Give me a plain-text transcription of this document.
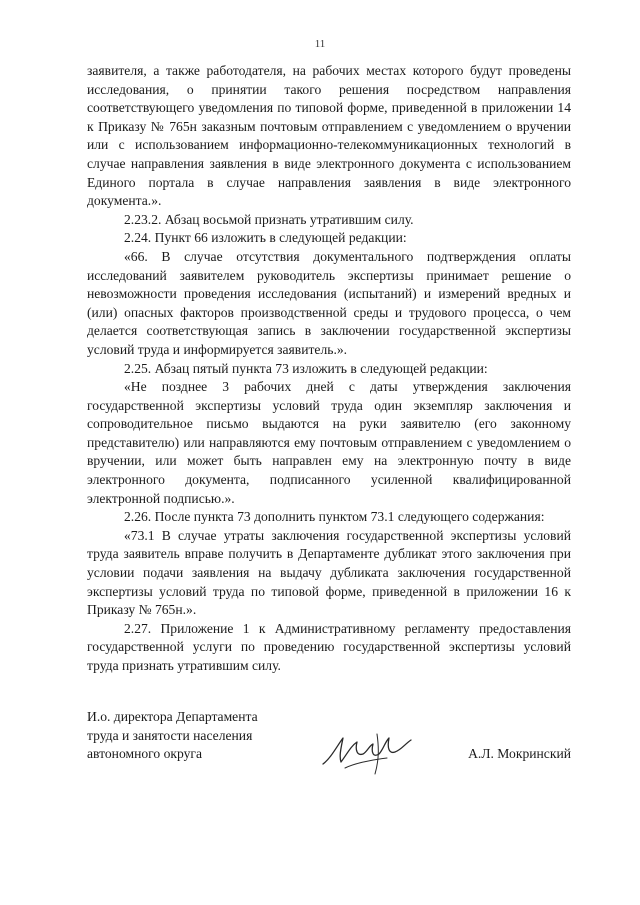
11

заявителя, а также работодателя, на рабочих местах которого будут проведены исследования, о принятии такого решения посредством направления соответствующего уведомления по типовой форме, приведенной в приложении 14 к Приказу № 765н заказным почтовым отправлением с уведомлением о вручении или с использованием информационно-телекоммуникационных технологий в случае направления заявления в виде электронного документа с использованием Единого портала в случае направления заявления в виде электронного документа.».

2.23.2. Абзац восьмой признать утратившим силу.

2.24. Пункт 66 изложить в следующей редакции:

«66. В случае отсутствия документального подтверждения оплаты исследований заявителем руководитель экспертизы принимает решение о невозможности проведения исследования (испытаний) и измерений вредных и (или) опасных факторов производственной среды и трудового процесса, о чем делается соответствующая запись в заключении государственной экспертизы условий труда и информируется заявитель.».

2.25. Абзац пятый пункта 73 изложить в следующей редакции:

«Не позднее 3 рабочих дней с даты утверждения заключения государственной экспертизы условий труда один экземпляр заключения и сопроводительное письмо выдаются на руки заявителю (его законному представителю) или направляются ему почтовым отправлением с уведомлением о вручении, или может быть направлен ему на электронную почту в виде электронного документа, подписанного усиленной квалифицированной электронной подписью.».

2.26. После пункта 73 дополнить пунктом 73.1 следующего содержания:

«73.1 В случае утраты заключения государственной экспертизы условий труда заявитель вправе получить в Департаменте дубликат этого заключения при условии подачи заявления на выдачу дубликата заключения государственной экспертизы условий труда по типовой форме, приведенной в приложении 16 к Приказу № 765н.».

2.27. Приложение 1 к Административному регламенту предоставления государственной услуги по проведению государственной экспертизы условий труда признать утратившим силу.

И.о. директора Департамента
труда и занятости населения
автономного округа	А.Л. Мокринский
